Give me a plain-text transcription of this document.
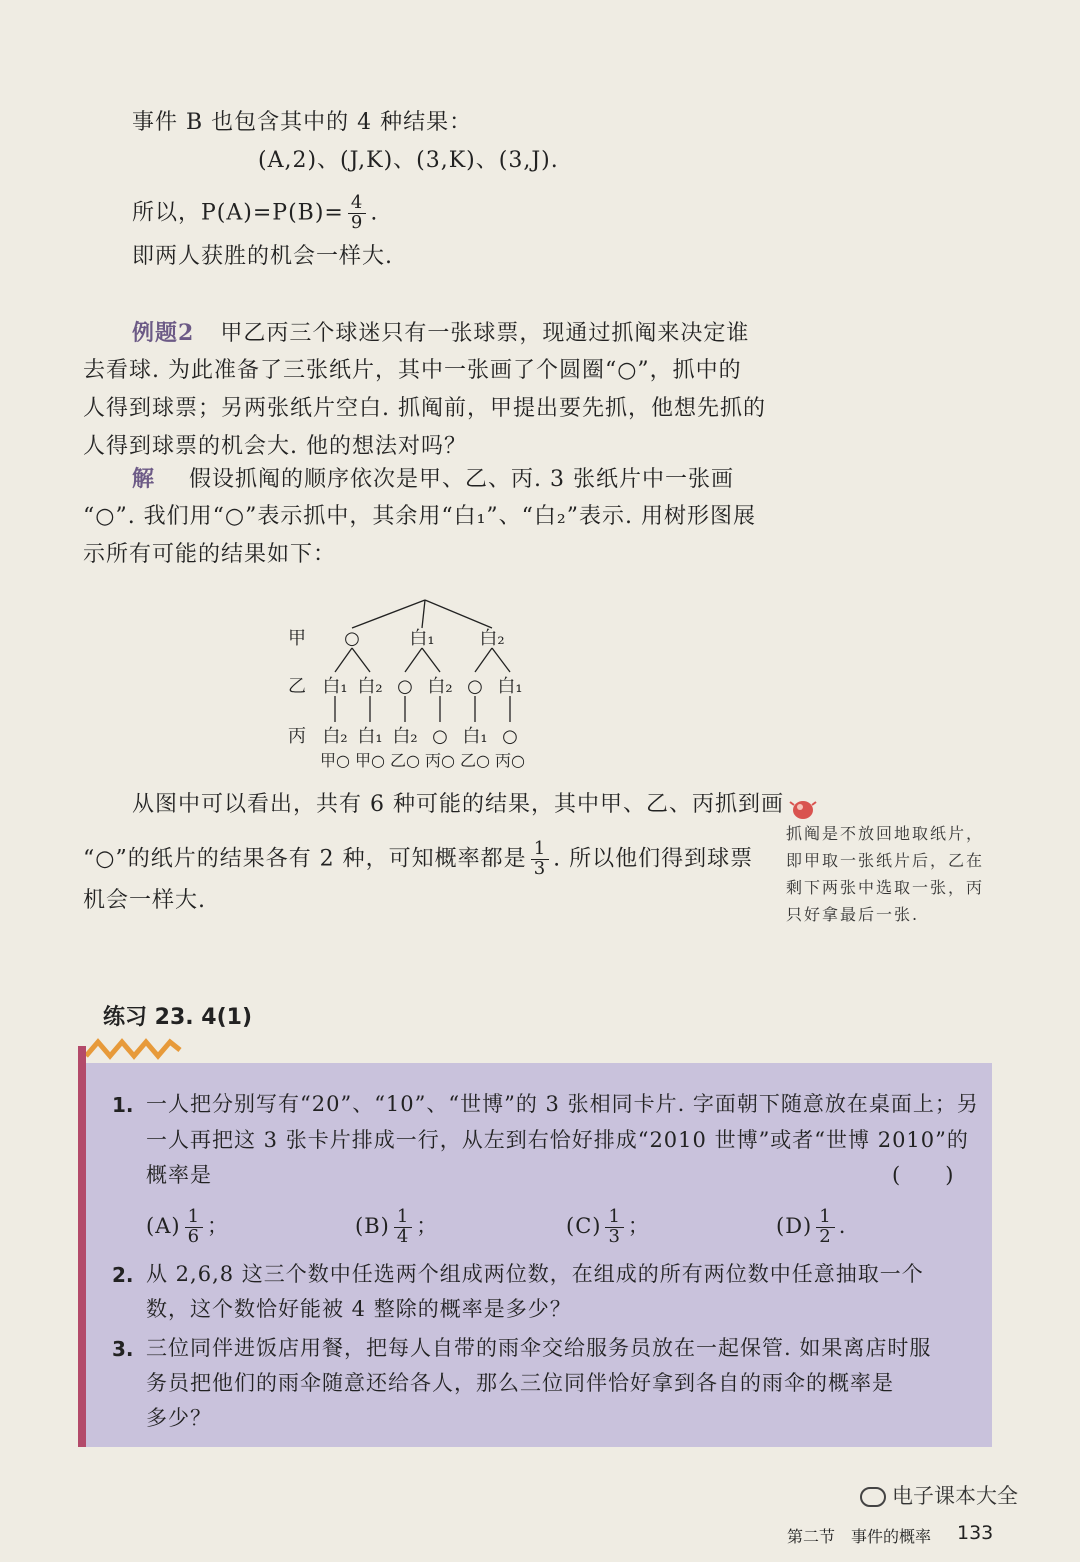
事件 B 也包含其中的 4 种结果：
(A,2)、(J,K)、(3,K)、(3,J).
所以，$P(A)=P(B)= \frac{4}{9}$ .
即两人获胜的机会一样大.
例题2 甲乙丙三个球迷只有一张球票，现通过抓阄来决定谁
去看球. 为此准备了三张纸片，其中一张画了个圆圈“○”，抓中的
人得到球票；另两张纸片空白. 抓阄前，甲提出要先抓，他想先抓的
人得到球票的机会大. 他的想法对吗？
解 假设抓阄的顺序依次是甲、乙、丙. 3 张纸片中一张画
“○”. 我们用“○”表示抓中，其余用“白₁”、“白₂”表示. 用树形图展
示所有可能的结果如下：
甲
乙
丙
○	白₁ 白₂
白₁ 白₂ ○ 白₂ ○ 白₁
白₂ 白₁ 白₂ ○ 白₁ ○
甲○ 甲○ 乙○ 丙○ 乙○ 丙○
从图中可以看出，共有 6 种可能的结果，其中甲、乙、丙抓到画
“○”的纸片的结果各有 2 种，可知概率都是 $\frac{1}{3}$ . 所以他们得到球票
机会一样大.
抓阄是不放回地取纸片，即甲取一张纸片后，乙在剩下两张中选取一张，丙只好拿最后一张.
练习 23. 4(1)
1. 一人把分别写有“20”、“10”、“世博”的 3 张相同卡片. 字面朝下随意放在桌面上；另
一人再把这 3 张卡片排成一行，从左到右恰好排成“2010 世博”或者“世博 2010”的
概率是	(　　)
$(A) \frac{1}{6}$ ；	$(B) \frac{1}{4}$ ；	$(C) \frac{1}{3}$ ；	$(D) \frac{1}{2}$ .
2. 从 2,6,8 这三个数中任选两个组成两位数，在组成的所有两位数中任意抽取一个
数，这个数恰好能被 4 整除的概率是多少？
3. 三位同伴进饭店用餐，把每人自带的雨伞交给服务员放在一起保管. 如果离店时服
务员把他们的雨伞随意还给各人，那么三位同伴恰好拿到各自的雨伞的概率是
多少？
第二节　事件的概率 133
电子课本大全
